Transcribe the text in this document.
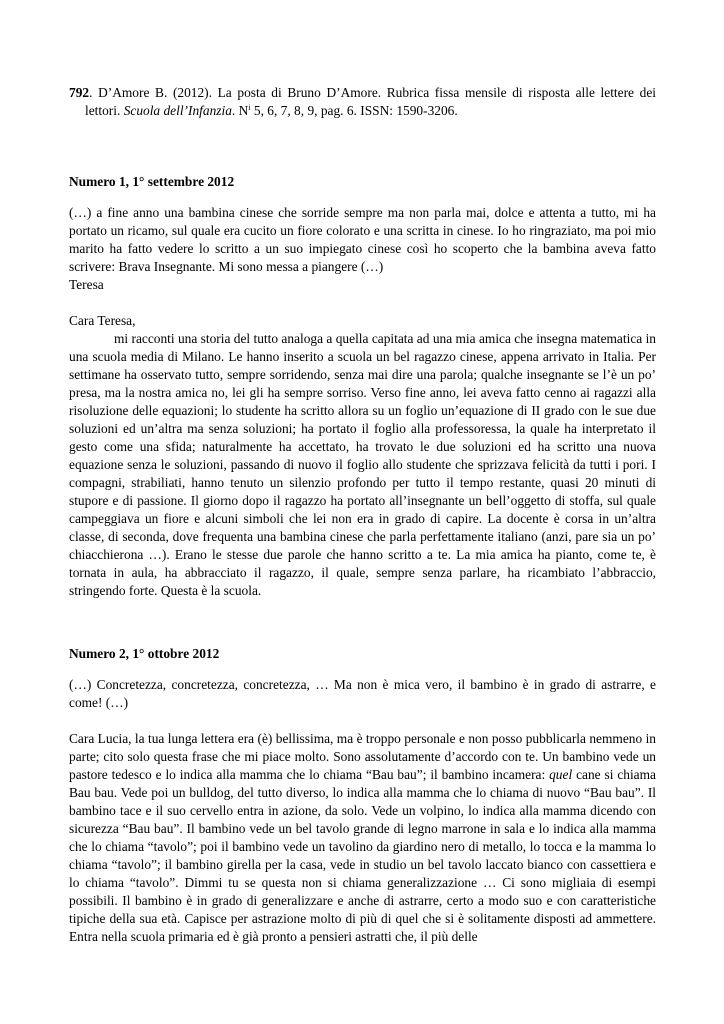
792. D’Amore B. (2012). La posta di Bruno D’Amore. Rubrica fissa mensile di risposta alle lettere dei lettori. Scuola dell’Infanzia. $N^i$ 5, 6, 7, 8, 9, pag. 6. ISSN: 1590-3206.

Numero 1, 1° settembre 2012

(…) a fine anno una bambina cinese che sorride sempre ma non parla mai, dolce e attenta a tutto, mi ha portato un ricamo, sul quale era cucito un fiore colorato e una scritta in cinese. Io ho ringraziato, ma poi mio marito ha fatto vedere lo scritto a un suo impiegato cinese così ho scoperto che la bambina aveva fatto scrivere: Brava Insegnante. Mi sono messa a piangere (…)

Teresa

Cara Teresa,

mi racconti una storia del tutto analoga a quella capitata ad una mia amica che insegna matematica in una scuola media di Milano. Le hanno inserito a scuola un bel ragazzo cinese, appena arrivato in Italia. Per settimane ha osservato tutto, sempre sorridendo, senza mai dire una parola; qualche insegnante se l’è un po’ presa, ma la nostra amica no, lei gli ha sempre sorriso. Verso fine anno, lei aveva fatto cenno ai ragazzi alla risoluzione delle equazioni; lo studente ha scritto allora su un foglio un’equazione di II grado con le sue due soluzioni ed un’altra ma senza soluzioni; ha portato il foglio alla professoressa, la quale ha interpretato il gesto come una sfida; naturalmente ha accettato, ha trovato le due soluzioni ed ha scritto una nuova equazione senza le soluzioni, passando di nuovo il foglio allo studente che sprizzava felicità da tutti i pori. I compagni, strabiliati, hanno tenuto un silenzio profondo per tutto il tempo restante, quasi 20 minuti di stupore e di passione. Il giorno dopo il ragazzo ha portato all’insegnante un bell’oggetto di stoffa, sul quale campeggiava un fiore e alcuni simboli che lei non era in grado di capire. La docente è corsa in un’altra classe, di seconda, dove frequenta una bambina cinese che parla perfettamente italiano (anzi, pare sia un po’ chiacchierona …). Erano le stesse due parole che hanno scritto a te. La mia amica ha pianto, come te, è tornata in aula, ha abbracciato il ragazzo, il quale, sempre senza parlare, ha ricambiato l’abbraccio, stringendo forte. Questa è la scuola.

Numero 2, 1° ottobre 2012

(…) Concretezza, concretezza, concretezza, … Ma non è mica vero, il bambino è in grado di astrarre, e come! (…)

Cara Lucia, la tua lunga lettera era (è) bellissima, ma è troppo personale e non posso pubblicarla nemmeno in parte; cito solo questa frase che mi piace molto. Sono assolutamente d’accordo con te. Un bambino vede un pastore tedesco e lo indica alla mamma che lo chiama “Bau bau”; il bambino incamera: quel cane si chiama Bau bau. Vede poi un bulldog, del tutto diverso, lo indica alla mamma che lo chiama di nuovo “Bau bau”. Il bambino tace e il suo cervello entra in azione, da solo. Vede un volpino, lo indica alla mamma dicendo con sicurezza “Bau bau”. Il bambino vede un bel tavolo grande di legno marrone in sala e lo indica alla mamma che lo chiama “tavolo”; poi il bambino vede un tavolino da giardino nero di metallo, lo tocca e la mamma lo chiama “tavolo”; il bambino girella per la casa, vede in studio un bel tavolo laccato bianco con cassettiera e lo chiama “tavolo”. Dimmi tu se questa non si chiama generalizzazione … Ci sono migliaia di esempi possibili. Il bambino è in grado di generalizzare e anche di astrarre, certo a modo suo e con caratteristiche tipiche della sua età. Capisce per astrazione molto di più di quel che si è solitamente disposti ad ammettere. Entra nella scuola primaria ed è già pronto a pensieri astratti che, il più delle
